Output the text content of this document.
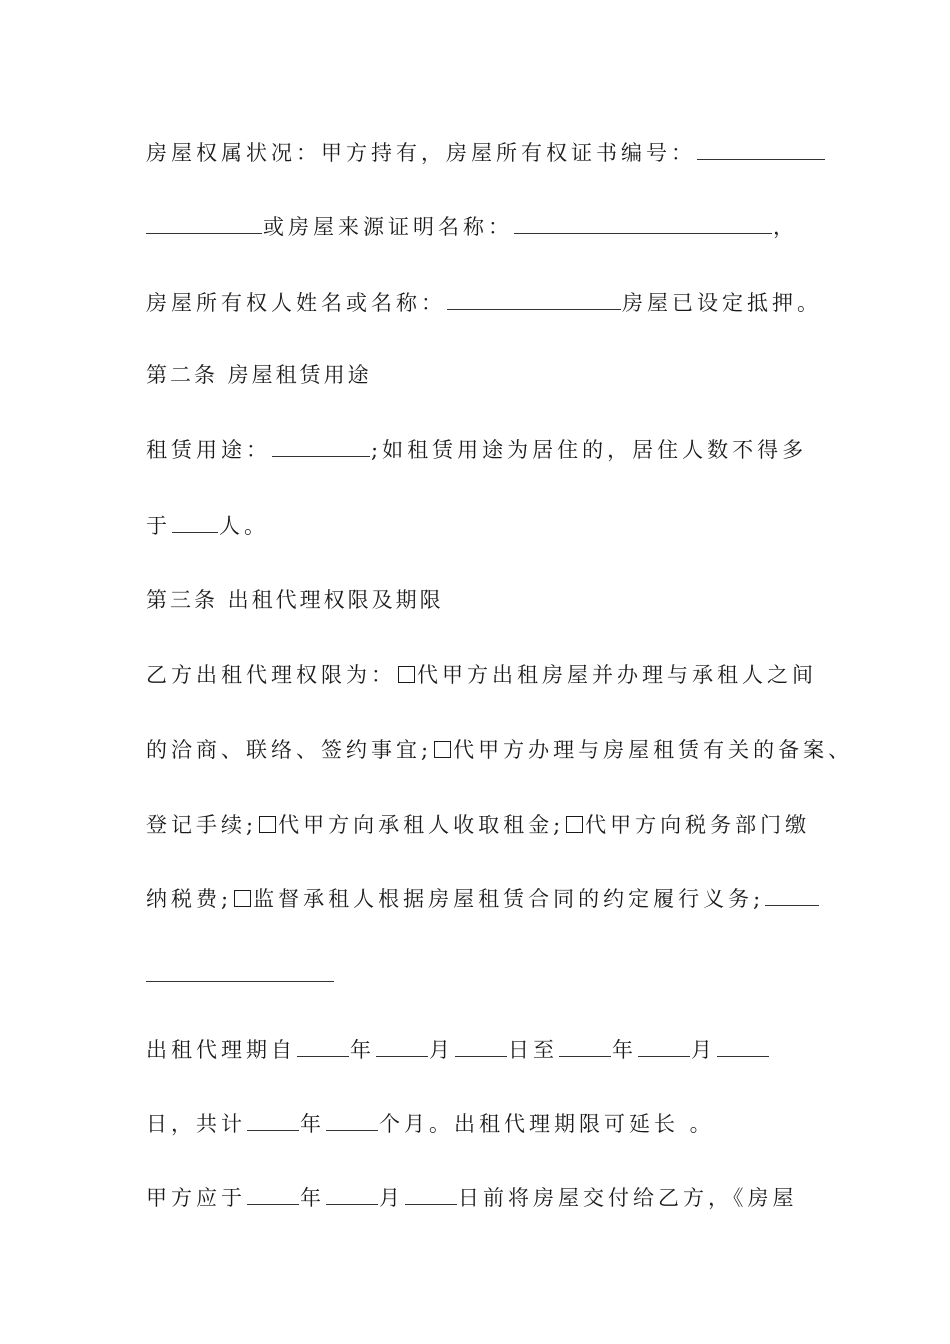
房屋权属状况：甲方持有，房屋所有权证书编号：
或房屋来源证明名称：	，
房屋所有权人姓名或名称：	房屋已设定抵押。
第二条 房屋租赁用途
租赁用途：	;如租赁用途为居住的，居住人数不得多
于 人。
第三条 出租代理权限及期限
乙方出租代理权限为： 代甲方出租房屋并办理与承租人之间
的洽商、联络、签约事宜; 代甲方办理与房屋租赁有关的备案、
登记手续; 代甲方向承租人收取租金; 代甲方向税务部门缴
纳税费; 监督承租人根据房屋租赁合同的约定履行义务;
出租代理期自	年	月	日至	年	月
日，共计	年	个月。出租代理期限可延长 。
甲方应于	年	月	日前将房屋交付给乙方，《房屋
